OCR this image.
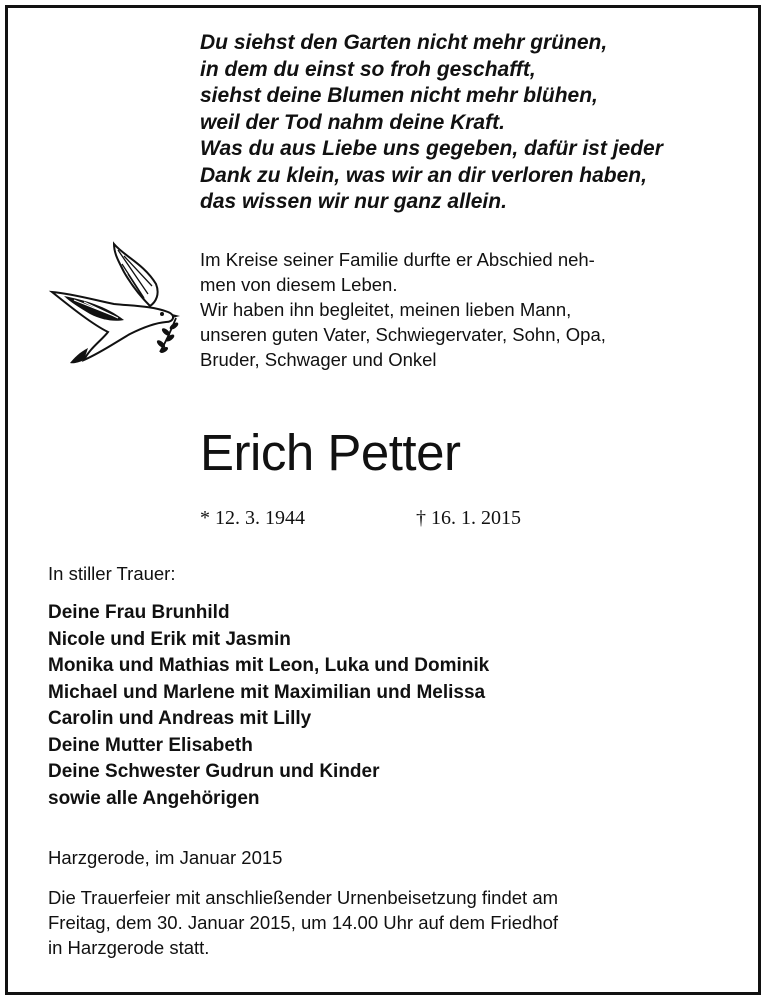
Du siehst den Garten nicht mehr grünen,
in dem du einst so froh geschafft,
siehst deine Blumen nicht mehr blühen,
weil der Tod nahm deine Kraft.
Was du aus Liebe uns gegeben, dafür ist jeder
Dank zu klein, was wir an dir verloren haben,
das wissen wir nur ganz allein.
Im Kreise seiner Familie durfte er Abschied neh-
men von diesem Leben.
Wir haben ihn begleitet, meinen lieben Mann,
unseren guten Vater, Schwiegervater, Sohn, Opa,
Bruder, Schwager und Onkel
Erich Petter
* 12. 3. 1944	† 16. 1. 2015
In stiller Trauer:
Deine Frau Brunhild
Nicole und Erik mit Jasmin
Monika und Mathias mit Leon, Luka und Dominik
Michael und Marlene mit Maximilian und Melissa
Carolin und Andreas mit Lilly
Deine Mutter Elisabeth
Deine Schwester Gudrun und Kinder
sowie alle Angehörigen
Harzgerode, im Januar 2015
Die Trauerfeier mit anschließender Urnenbeisetzung findet am
Freitag, dem 30. Januar 2015, um 14.00 Uhr auf dem Friedhof
in Harzgerode statt.
